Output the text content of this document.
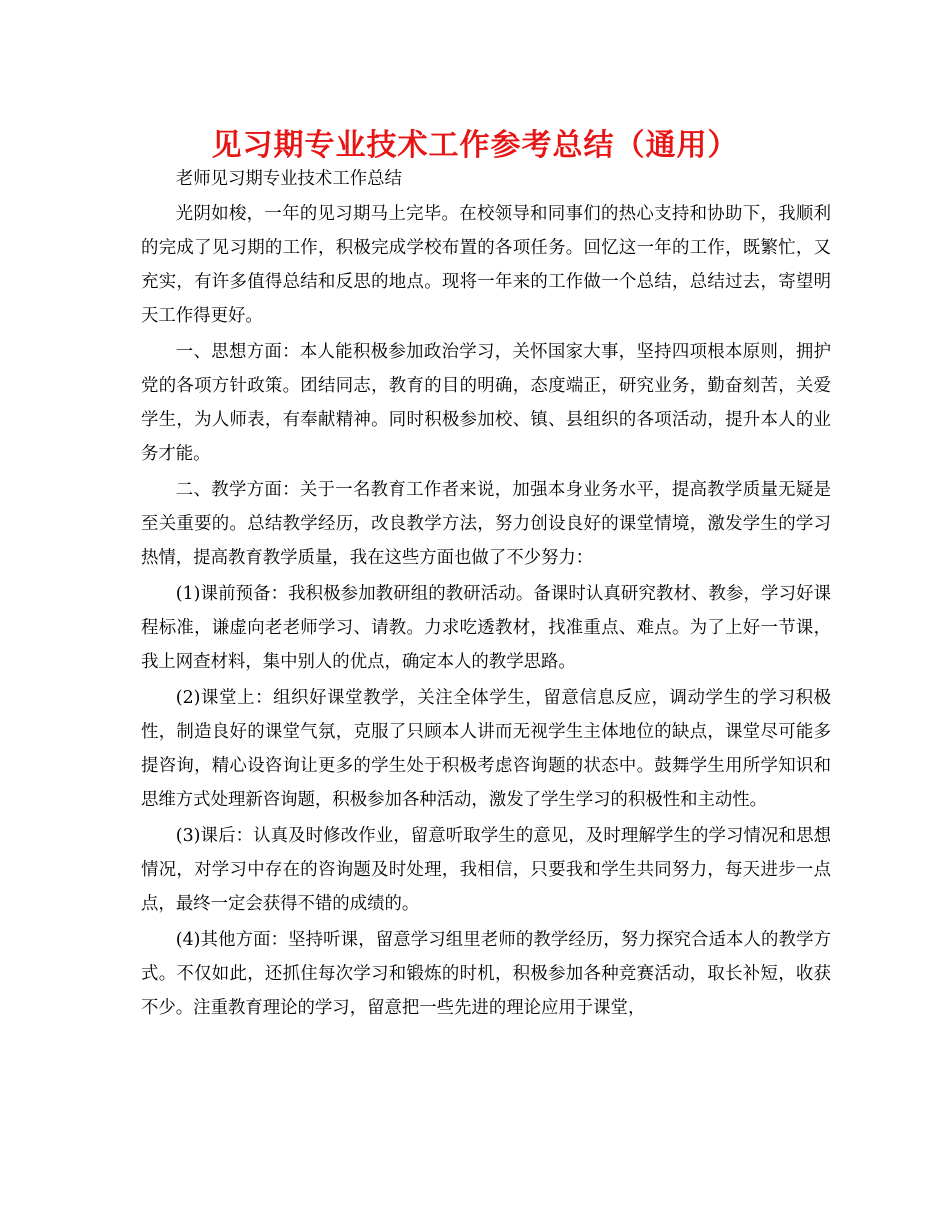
见习期专业技术工作参考总结（通用）

老师见习期专业技术工作总结

光阴如梭，一年的见习期马上完毕。在校领导和同事们的热心支持和协助下，我顺利的完成了见习期的工作，积极完成学校布置的各项任务。回忆这一年的工作，既繁忙，又充实，有许多值得总结和反思的地点。现将一年来的工作做一个总结，总结过去，寄望明天工作得更好。

一、思想方面：本人能积极参加政治学习，关怀国家大事，坚持四项根本原则，拥护党的各项方针政策。团结同志，教育的目的明确，态度端正，研究业务，勤奋刻苦，关爱学生，为人师表，有奉献精神。同时积极参加校、镇、县组织的各项活动，提升本人的业务才能。

二、教学方面：关于一名教育工作者来说，加强本身业务水平，提高教学质量无疑是至关重要的。总结教学经历，改良教学方法，努力创设良好的课堂情境，激发学生的学习热情，提高教育教学质量，我在这些方面也做了不少努力：

(1)课前预备：我积极参加教研组的教研活动。备课时认真研究教材、教参，学习好课程标准，谦虚向老老师学习、请教。力求吃透教材，找准重点、难点。为了上好一节课，我上网查材料，集中别人的优点，确定本人的教学思路。

(2)课堂上：组织好课堂教学，关注全体学生，留意信息反应，调动学生的学习积极性，制造良好的课堂气氛，克服了只顾本人讲而无视学生主体地位的缺点，课堂尽可能多提咨询，精心设咨询让更多的学生处于积极考虑咨询题的状态中。鼓舞学生用所学知识和思维方式处理新咨询题，积极参加各种活动，激发了学生学习的积极性和主动性。

(3)课后：认真及时修改作业，留意听取学生的意见，及时理解学生的学习情况和思想情况，对学习中存在的咨询题及时处理，我相信，只要我和学生共同努力，每天进步一点点，最终一定会获得不错的成绩的。

(4)其他方面：坚持听课，留意学习组里老师的教学经历，努力探究合适本人的教学方式。不仅如此，还抓住每次学习和锻炼的时机，积极参加各种竞赛活动，取长补短，收获不少。注重教育理论的学习，留意把一些先进的理论应用于课堂，
